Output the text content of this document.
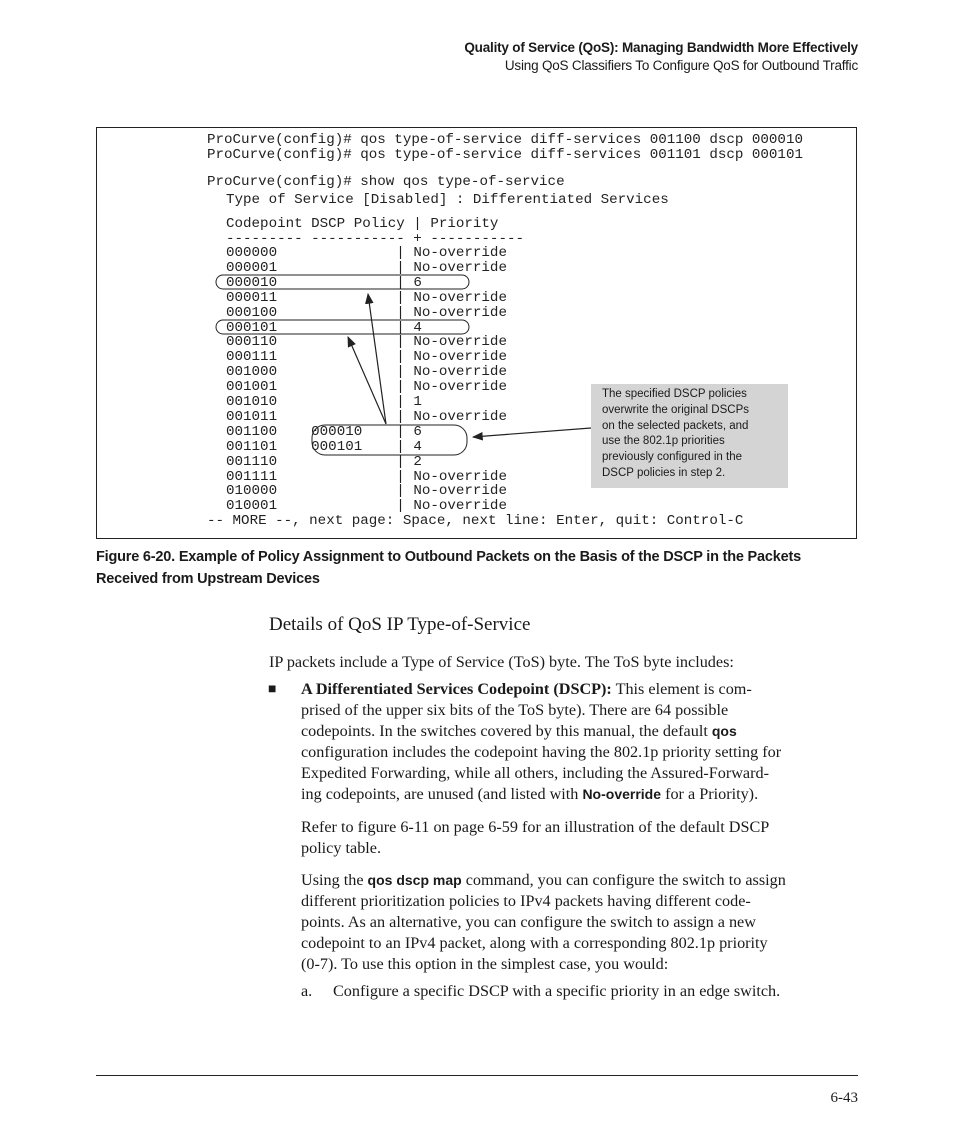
Quality of Service (QoS): Managing Bandwidth More Effectively
Using QoS Classifiers To Configure QoS for Outbound Traffic
ProCurve(config)# qos type-of-service diff-services 001100 dscp 000010
ProCurve(config)# qos type-of-service diff-services 001101 dscp 000101
ProCurve(config)# show qos type-of-service
Type of Service [Disabled] : Differentiated Services
Codepoint DSCP Policy | Priority
--------- ----------- + -----------
000000	| No-override
000001	| No-override
000010	| 6
000011	| No-override
000100	| No-override
000101	| 4
000110	| No-override
000111	| No-override
001000	| No-override
001001	| No-override
001010	| 1
001011	| No-override
001100 000010 | 6
001101 000101 | 4
001110	| 2
001111	| No-override
010000	| No-override
010001	| No-override
-- MORE --, next page: Space, next line: Enter, quit: Control-C
The specified DSCP policies
overwrite the original DSCPs
on the selected packets, and
use the 802.1p priorities
previously configured in the
DSCP policies in step 2.
Figure 6-20. Example of Policy Assignment to Outbound Packets on the Basis of the DSCP in the Packets
Received from Upstream Devices
Details of QoS IP Type-of-Service
IP packets include a Type of Service (ToS) byte. The ToS byte includes:
■ A Differentiated Services Codepoint (DSCP): This element is com-
prised of the upper six bits of the ToS byte). There are 64 possible
codepoints. In the switches covered by this manual, the default qos
configuration includes the codepoint having the 802.1p priority setting for
Expedited Forwarding, while all others, including the Assured-Forward-
ing codepoints, are unused (and listed with No-override for a Priority).
Refer to figure 6-11 on page 6-59 for an illustration of the default DSCP
policy table.
Using the qos dscp map command, you can configure the switch to assign
different prioritization policies to IPv4 packets having different code-
points. As an alternative, you can configure the switch to assign a new
codepoint to an IPv4 packet, along with a corresponding 802.1p priority
(0-7). To use this option in the simplest case, you would:
a. Configure a specific DSCP with a specific priority in an edge switch.
6-43
